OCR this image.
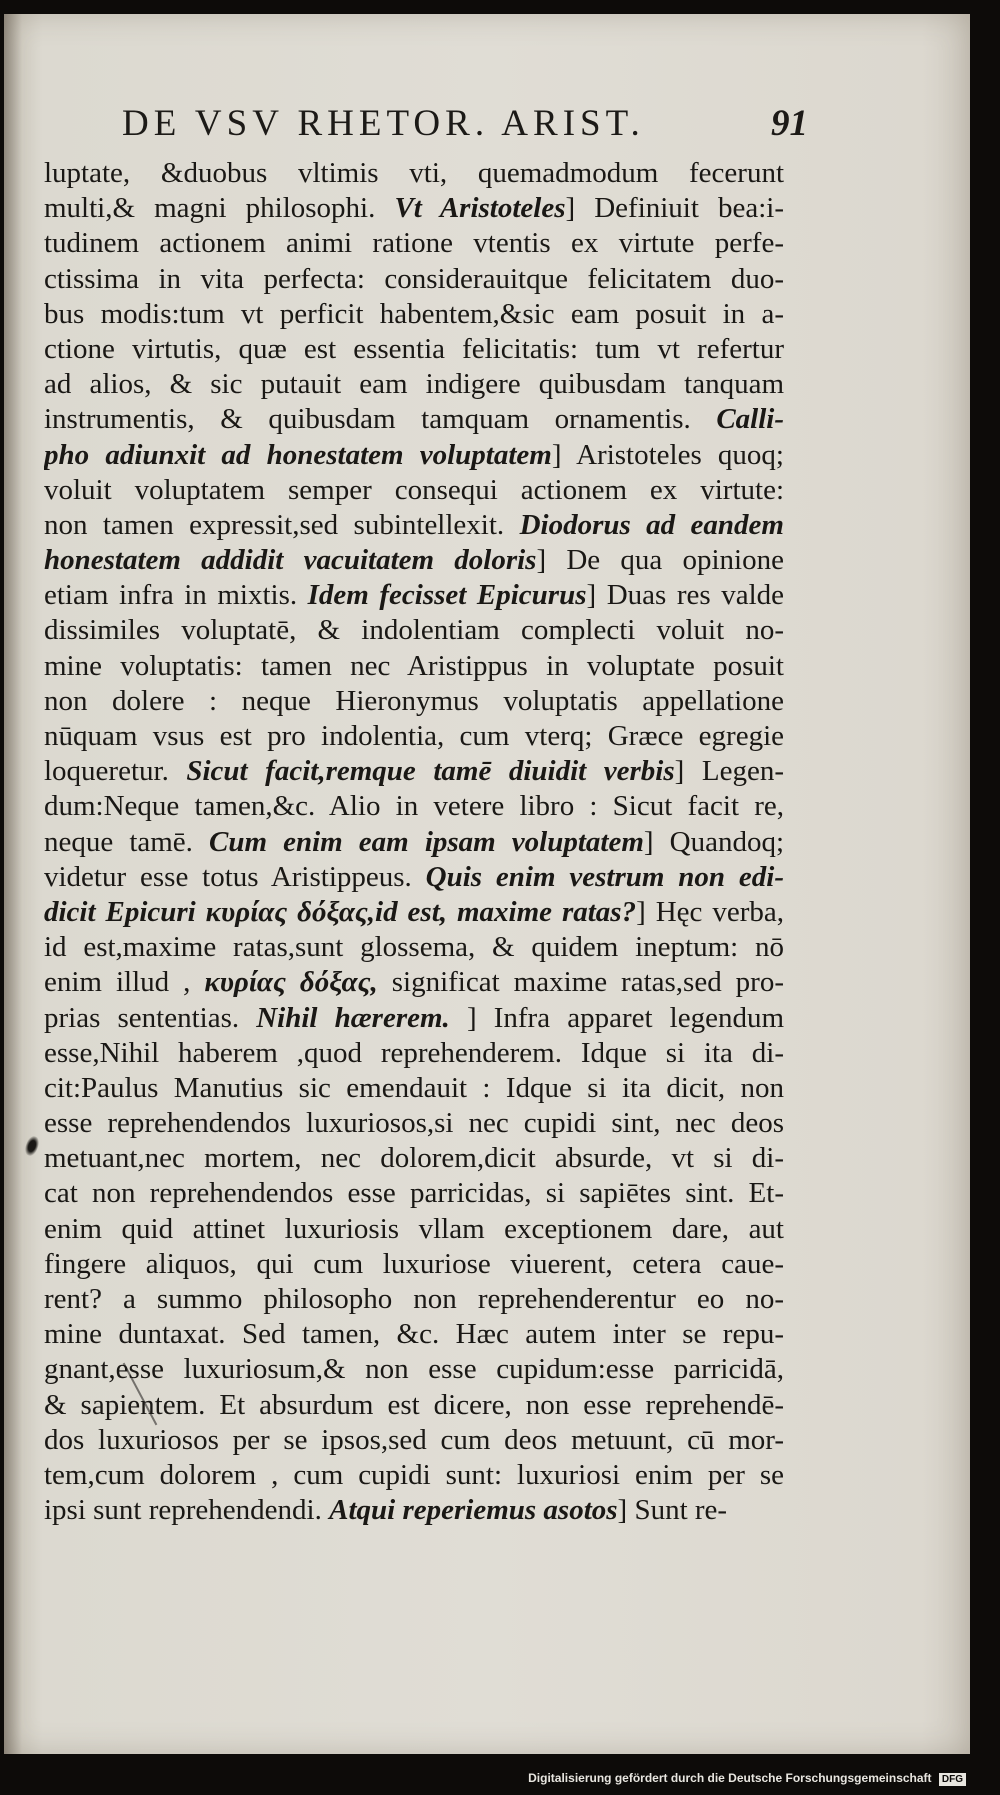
DE VSV RHETOR. ARIST.	91
luptate, &duobus vltimis vti, quemadmodum fecerunt
multi,& magni philosophi. Vt Aristoteles] Definiuit bea:i-
tudinem actionem animi ratione vtentis ex virtute perfe-
ctissima in vita perfecta: considerauitque felicitatem duo-
bus modis:tum vt perficit habentem,&sic eam posuit in a-
ctione virtutis, quæ est essentia felicitatis: tum vt refertur
ad alios, & sic putauit eam indigere quibusdam tanquam
instrumentis, & quibusdam tamquam ornamentis. Calli-
pho adiunxit ad honestatem voluptatem] Aristoteles quoq;
voluit voluptatem semper consequi actionem ex virtute:
non tamen expressit,sed subintellexit. Diodorus ad eandem
honestatem addidit vacuitatem doloris] De qua opinione
etiam infra in mixtis. Idem fecisset Epicurus] Duas res valde
dissimiles voluptatē, & indolentiam complecti voluit no-
mine voluptatis: tamen nec Aristippus in voluptate posuit
non dolere : neque Hieronymus voluptatis appellatione
nūquam vsus est pro indolentia, cum vterq; Græce egregie
loqueretur. Sicut facit,remque tamē diuidit verbis] Legen-
dum:Neque tamen,&c. Alio in vetere libro : Sicut facit re,
neque tamē. Cum enim eam ipsam voluptatem] Quandoq;
videtur esse totus Aristippeus. Quis enim vestrum non edi-
dicit Epicuri κυρίας δόξας,id est, maxime ratas?] Hęc verba,
id est,maxime ratas,sunt glossema, & quidem ineptum: nō
enim illud , κυρίας δόξας, significat maxime ratas,sed pro-
prias sententias. Nihil hærerem. ] Infra apparet legendum
esse,Nihil haberem ,quod reprehenderem. Idque si ita di-
cit:Paulus Manutius sic emendauit : Idque si ita dicit, non
esse reprehendendos luxuriosos,si nec cupidi sint, nec deos
metuant,nec mortem, nec dolorem,dicit absurde, vt si di-
cat non reprehendendos esse parricidas, si sapiētes sint. Et-
enim quid attinet luxuriosis vllam exceptionem dare, aut
fingere aliquos, qui cum luxuriose viuerent, cetera caue-
rent? a summo philosopho non reprehenderentur eo no-
mine duntaxat. Sed tamen, &c. Hæc autem inter se repu-
gnant,esse luxuriosum,& non esse cupidum:esse parricidā,
& sapientem. Et absurdum est dicere, non esse reprehendē-
dos luxuriosos per se ipsos,sed cum deos metuunt, cū mor-
tem,cum dolorem , cum cupidi sunt: luxuriosi enim per se
ipsi sunt reprehendendi. Atqui reperiemus asotos] Sunt re-
Digitalisierung gefördert durch die Deutsche Forschungsgemeinschaft DFG
